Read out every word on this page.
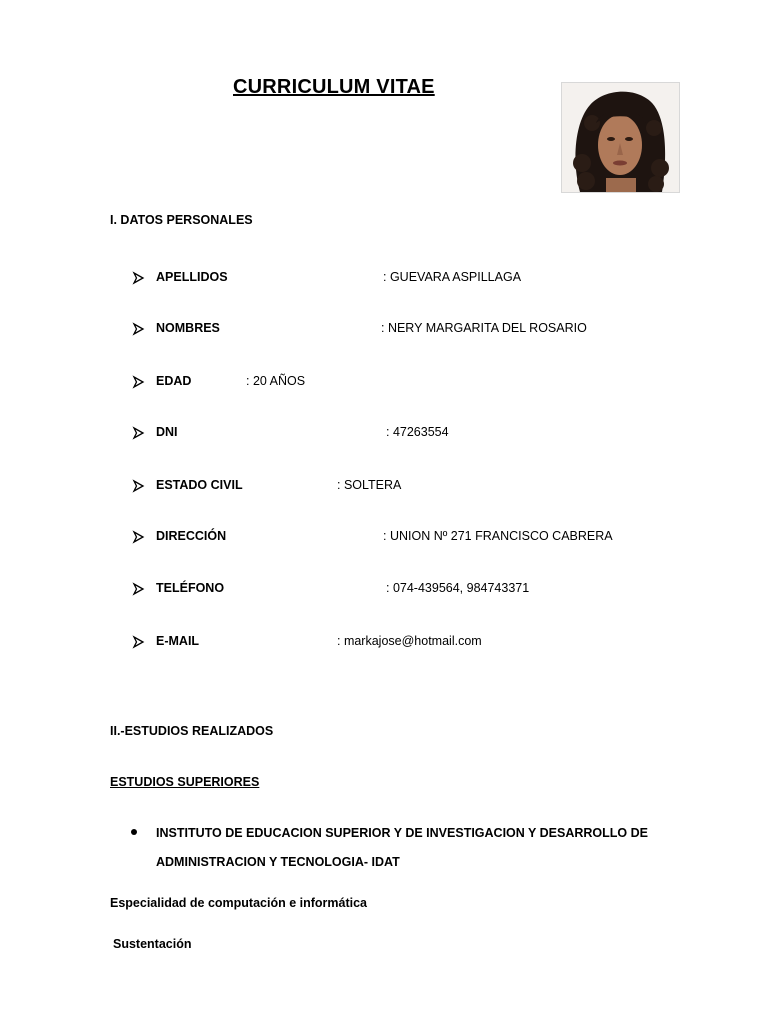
CURRICULUM VITAE
I. DATOS PERSONALES
APELLIDOS	: GUEVARA ASPILLAGA
NOMBRES	: NERY MARGARITA DEL ROSARIO
EDAD	: 20 AÑOS
DNI	: 47263554
ESTADO CIVIL	: SOLTERA
DIRECCIÓN	: UNION Nº 271 FRANCISCO CABRERA
TELÉFONO	: 074-439564, 984743371
E-MAIL	: markajose@hotmail.com
II.-ESTUDIOS REALIZADOS
ESTUDIOS SUPERIORES
INSTITUTO DE EDUCACION SUPERIOR Y DE INVESTIGACION Y DESARROLLO DE
ADMINISTRACION Y TECNOLOGIA- IDAT
Especialidad de computación e informática
Sustentación
